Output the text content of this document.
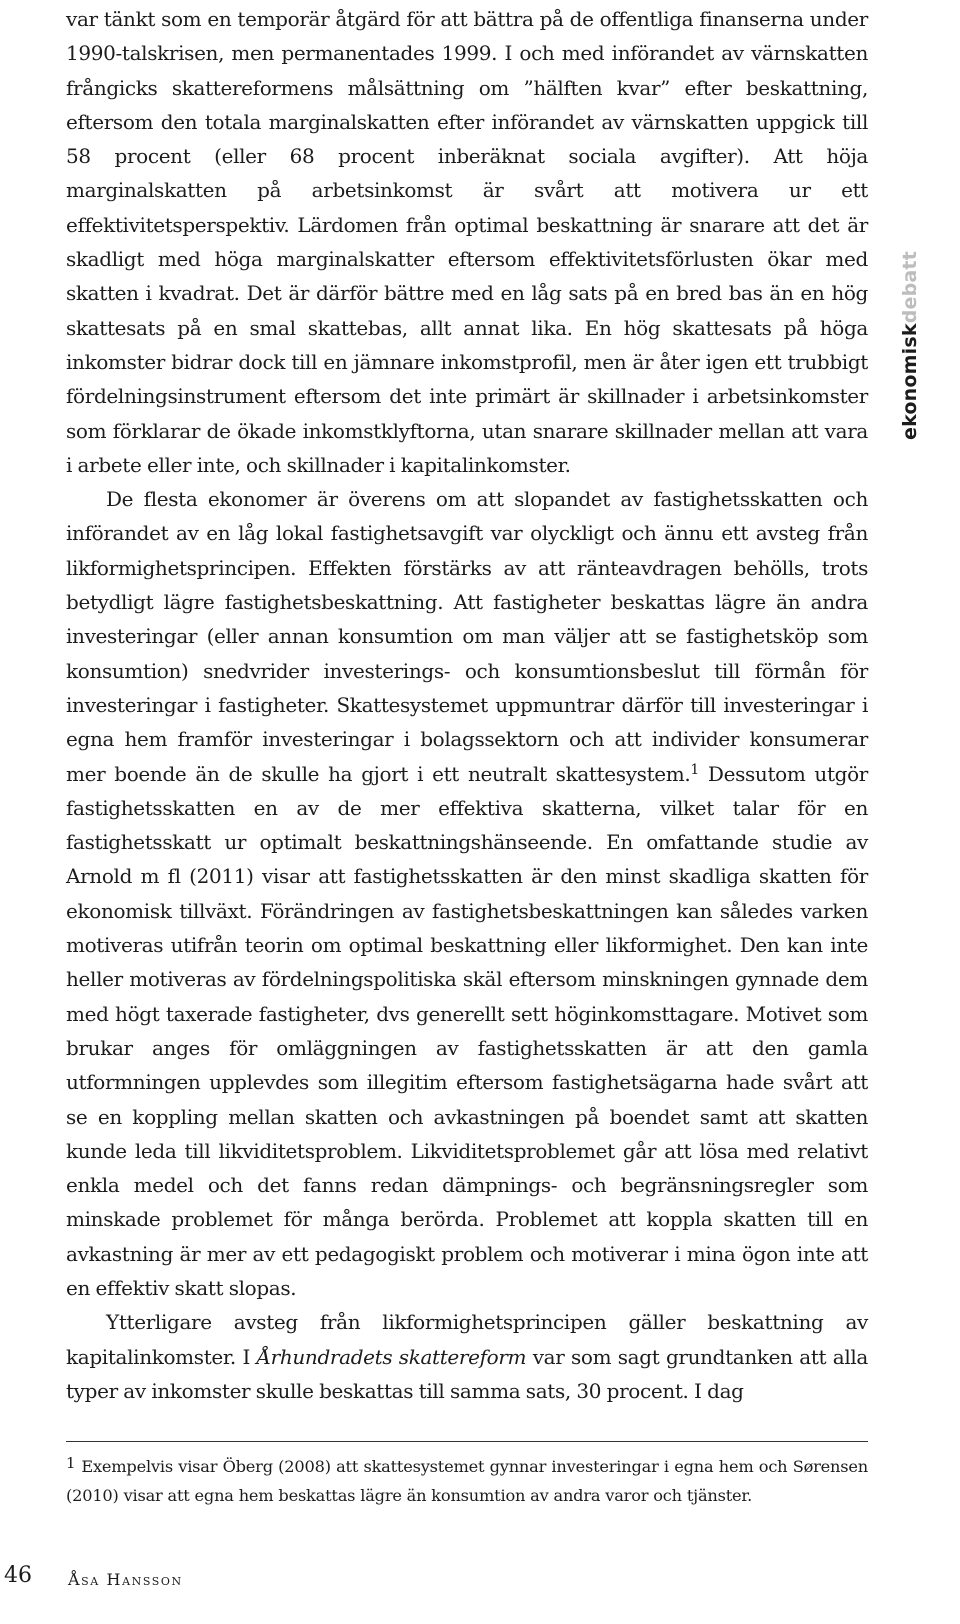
var tänkt som en temporär åtgärd för att bättra på de offentliga finanserna under 1990-talskrisen, men permanentades 1999. I och med införandet av värnskatten frångicks skattereformens målsättning om ”hälften kvar” efter beskattning, eftersom den totala marginalskatten efter införandet av värnskatten uppgick till 58 procent (eller 68 procent inberäknat sociala avgifter). Att höja marginalskatten på arbetsinkomst är svårt att motivera ur ett effektivitetsperspektiv. Lärdomen från optimal beskattning är snarare att det är skadligt med höga marginalskatter eftersom effektivitetsförlusten ökar med skatten i kvadrat. Det är därför bättre med en låg sats på en bred bas än en hög skattesats på en smal skattebas, allt annat lika. En hög skattesats på höga inkomster bidrar dock till en jämnare inkomstprofil, men är åter igen ett trubbigt fördelningsinstrument eftersom det inte primärt är skillnader i arbetsinkomster som förklarar de ökade inkomstklyftorna, utan snarare skillnader mellan att vara i arbete eller inte, och skillnader i kapitalinkomster.

De flesta ekonomer är överens om att slopandet av fastighetsskatten och införandet av en låg lokal fastighetsavgift var olyckligt och ännu ett avsteg från likformighetsprincipen. Effekten förstärks av att ränteavdragen behölls, trots betydligt lägre fastighetsbeskattning. Att fastigheter beskattas lägre än andra investeringar (eller annan konsumtion om man väljer att se fastighetsköp som konsumtion) snedvrider investerings- och konsumtionsbeslut till förmån för investeringar i fastigheter. Skattesystemet uppmuntrar därför till investeringar i egna hem framför investeringar i bolagssektorn och att individer konsumerar mer boende än de skulle ha gjort i ett neutralt skattesystem.$^1$ Dessutom utgör fastighetsskatten en av de mer effektiva skatterna, vilket talar för en fastighetsskatt ur optimalt beskattningshänseende. En omfattande studie av Arnold m fl (2011) visar att fastighetsskatten är den minst skadliga skatten för ekonomisk tillväxt. Förändringen av fastighetsbeskattningen kan således varken motiveras utifrån teorin om optimal beskattning eller likformighet. Den kan inte heller motiveras av fördelningspolitiska skäl eftersom minskningen gynnade dem med högt taxerade fastigheter, dvs generellt sett höginkomsttagare. Motivet som brukar anges för omläggningen av fastighetsskatten är att den gamla utformningen upplevdes som illegitim eftersom fastighetsägarna hade svårt att se en koppling mellan skatten och avkastningen på boendet samt att skatten kunde leda till likviditetsproblem. Likviditetsproblemet går att lösa med relativt enkla medel och det fanns redan dämpnings- och begränsningsregler som minskade problemet för många berörda. Problemet att koppla skatten till en avkastning är mer av ett pedagogiskt problem och motiverar i mina ögon inte att en effektiv skatt slopas.

Ytterligare avsteg från likformighetsprincipen gäller beskattning av kapitalinkomster. I Århundradets skattereform var som sagt grundtanken att alla typer av inkomster skulle beskattas till samma sats, 30 procent. I dag

1 Exempelvis visar Öberg (2008) att skattesystemet gynnar investeringar i egna hem och Sørensen (2010) visar att egna hem beskattas lägre än konsumtion av andra varor och tjänster.

46 Åsa Hansson
ekonomiskdebatt
